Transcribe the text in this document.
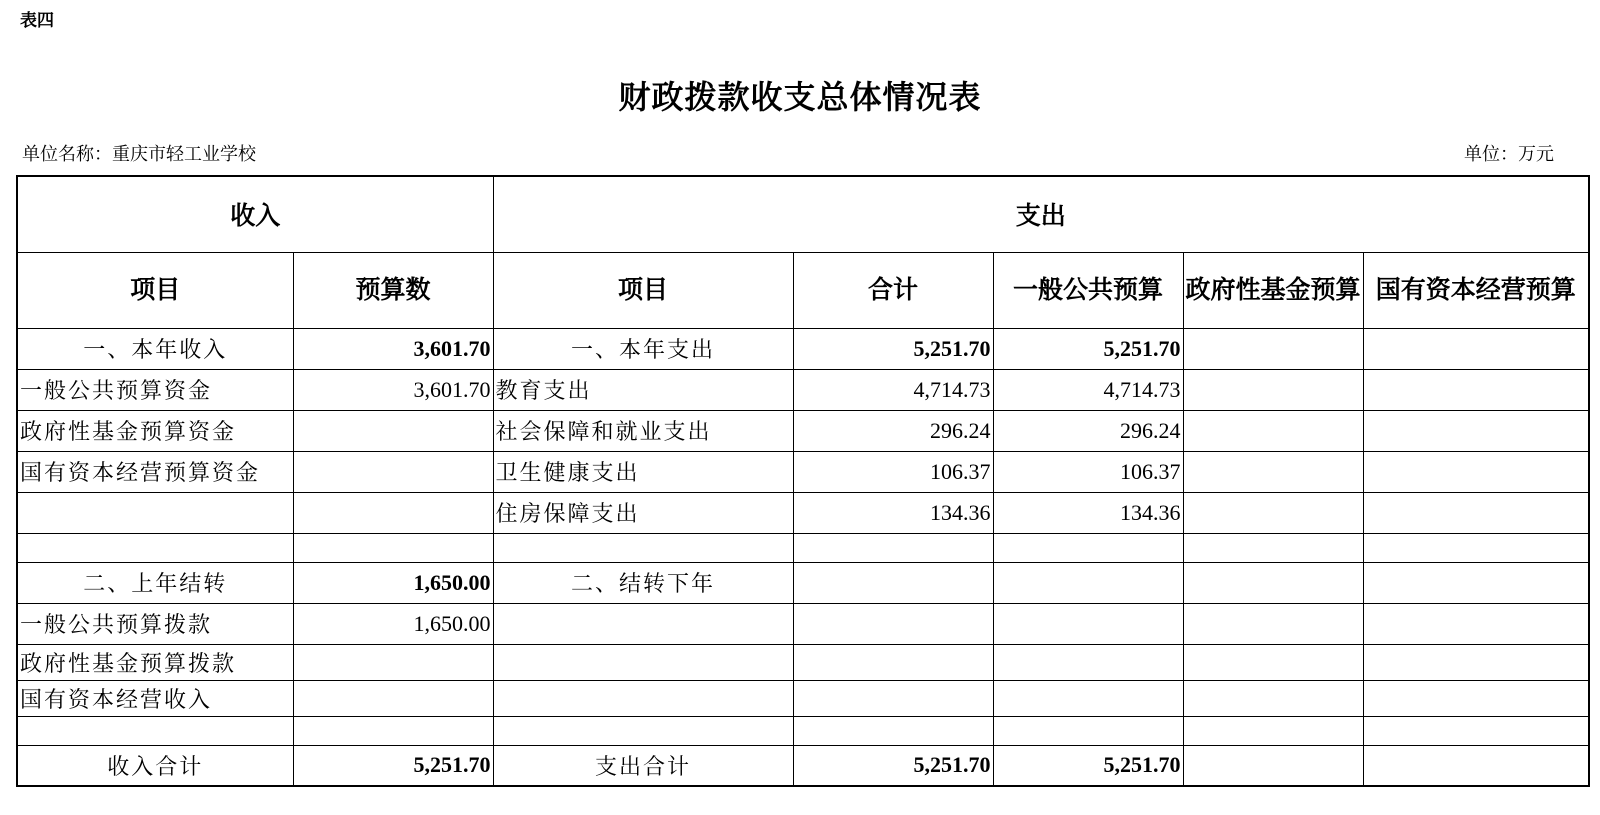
表四
财政拨款收支总体情况表
单位名称：重庆市轻工业学校	单位：万元
收入		支出				
项目	预算数	项目	合计	一般公共预算	政府性基金预算	国有资本经营预算
一、本年收入	3,601.70	一、本年支出	5,251.70	5,251.70		
一般公共预算资金	3,601.70	教育支出	4,714.73	4,714.73		
政府性基金预算资金		社会保障和就业支出	296.24	296.24		
国有资本经营预算资金		卫生健康支出	106.37	106.37		
		住房保障支出	134.36	134.36		

二、上年结转	1,650.00	二、结转下年				
一般公共预算拨款	1,650.00					
政府性基金预算拨款						
国有资本经营收入						

收入合计	5,251.70	支出合计	5,251.70	5,251.70		
